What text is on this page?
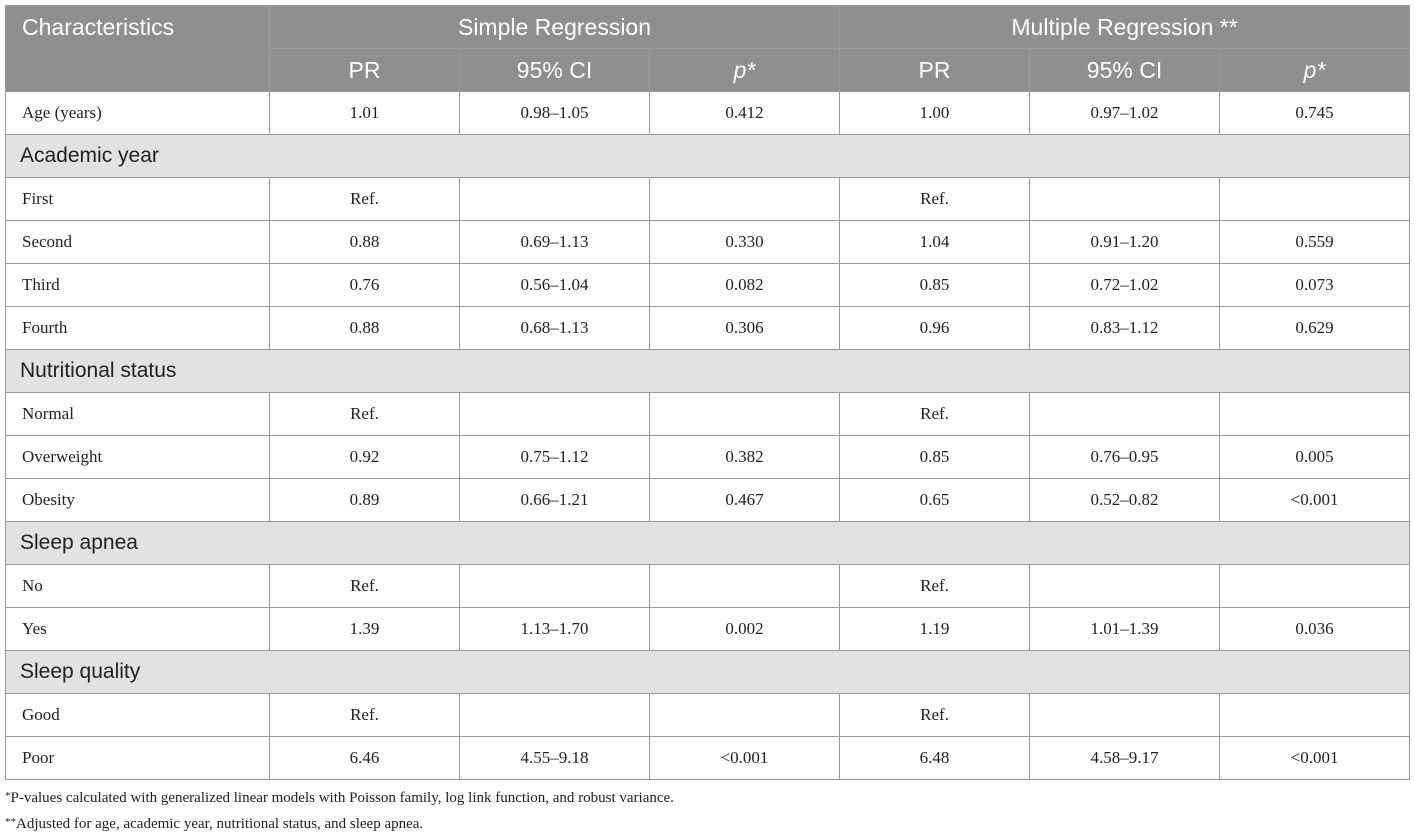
Characteristics	Simple Regression			Multiple Regression **		
	PR	95% CI	p*	PR	95% CI	p*
Age (years)	1.01	0.98–1.05	0.412	1.00	0.97–1.02	0.745
Academic year						
First	Ref.			Ref.		
Second	0.88	0.69–1.13	0.330	1.04	0.91–1.20	0.559
Third	0.76	0.56–1.04	0.082	0.85	0.72–1.02	0.073
Fourth	0.88	0.68–1.13	0.306	0.96	0.83–1.12	0.629
Nutritional status						
Normal	Ref.			Ref.		
Overweight	0.92	0.75–1.12	0.382	0.85	0.76–0.95	0.005
Obesity	0.89	0.66–1.21	0.467	0.65	0.52–0.82	<0.001
Sleep apnea						
No	Ref.			Ref.		
Yes	1.39	1.13–1.70	0.002	1.19	1.01–1.39	0.036
Sleep quality						
Good	Ref.			Ref.		
Poor	6.46	4.55–9.18	<0.001	6.48	4.58–9.17	<0.001
*P-values calculated with generalized linear models with Poisson family, log link function, and robust variance.
**Adjusted for age, academic year, nutritional status, and sleep apnea.
